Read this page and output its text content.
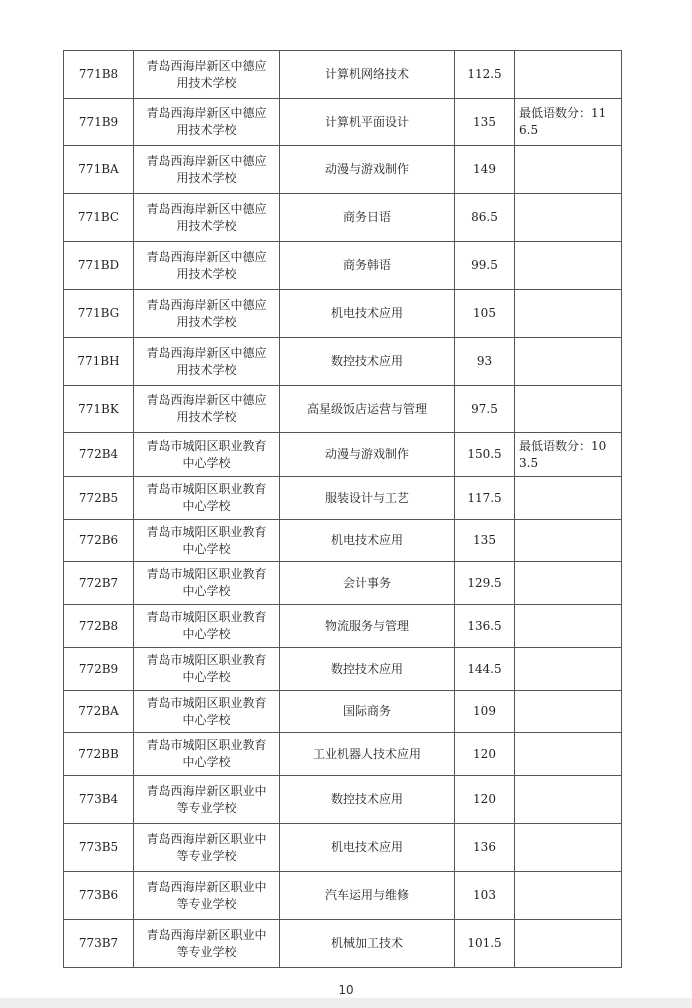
771B8	青岛西海岸新区中德应用技术学校	计算机网络技术	112.5	

771B9	青岛西海岸新区中德应用技术学校	计算机平面设计	135	最低语数分：116.5

771BA	青岛西海岸新区中德应用技术学校	动漫与游戏制作	149	

771BC	青岛西海岸新区中德应用技术学校	商务日语	86.5	

771BD	青岛西海岸新区中德应用技术学校	商务韩语	99.5	

771BG	青岛西海岸新区中德应用技术学校	机电技术应用	105	

771BH	青岛西海岸新区中德应用技术学校	数控技术应用	93	

771BK	青岛西海岸新区中德应用技术学校	高星级饭店运营与管理	97.5	

772B4	青岛市城阳区职业教育中心学校	动漫与游戏制作	150.5	最低语数分：103.5

772B5	青岛市城阳区职业教育中心学校	服装设计与工艺	117.5	

772B6	青岛市城阳区职业教育中心学校	机电技术应用	135	

772B7	青岛市城阳区职业教育中心学校	会计事务	129.5	

772B8	青岛市城阳区职业教育中心学校	物流服务与管理	136.5	

772B9	青岛市城阳区职业教育中心学校	数控技术应用	144.5	

772BA	青岛市城阳区职业教育中心学校	国际商务	109	

772BB	青岛市城阳区职业教育中心学校	工业机器人技术应用	120	

773B4	青岛西海岸新区职业中等专业学校	数控技术应用	120	

773B5	青岛西海岸新区职业中等专业学校	机电技术应用	136	

773B6	青岛西海岸新区职业中等专业学校	汽车运用与维修	103	

773B7	青岛西海岸新区职业中等专业学校	机械加工技术	101.5	
10
